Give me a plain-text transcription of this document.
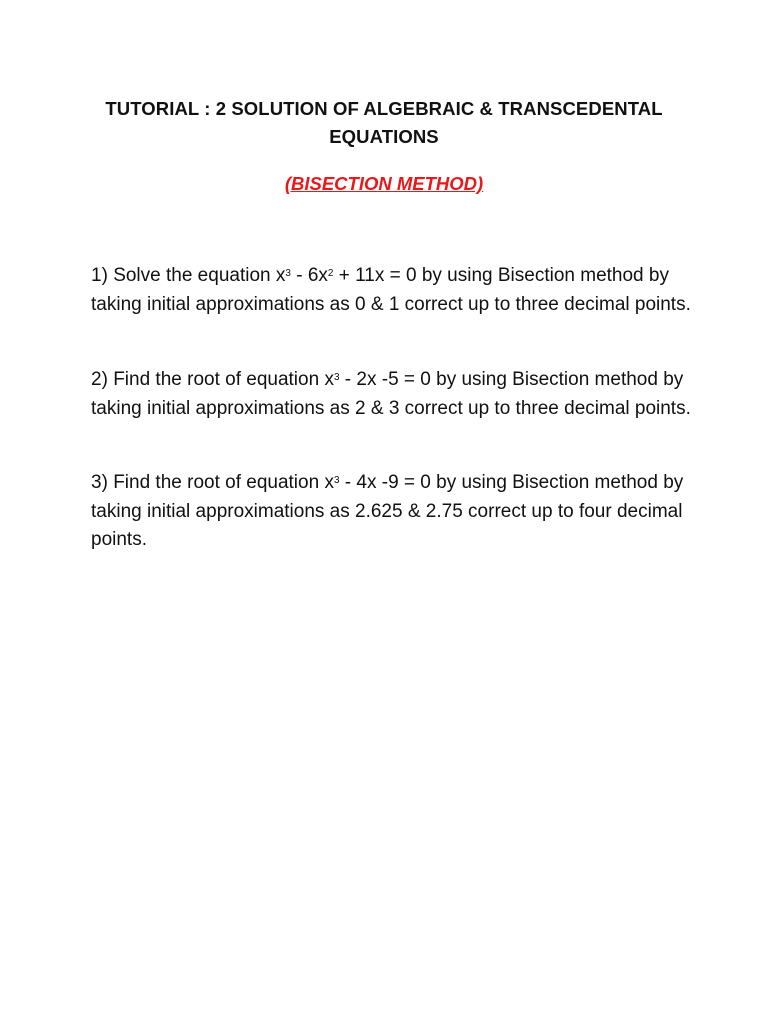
TUTORIAL : 2 SOLUTION OF ALGEBRAIC & TRANSCEDENTAL EQUATIONS
(BISECTION METHOD)
1) Solve the equation $x^3 - 6x^2 + 11x = 0$ by using Bisection method by taking initial approximations as 0 & 1 correct up to three decimal points.
2) Find the root of equation $x^3 - 2x$ -5 = 0 by using Bisection method by taking initial approximations as 2 & 3 correct up to three decimal points.
3) Find the root of equation $x^3 - 4x$ -9 = 0 by using Bisection method by taking initial approximations as 2.625 & 2.75 correct up to four decimal points.
